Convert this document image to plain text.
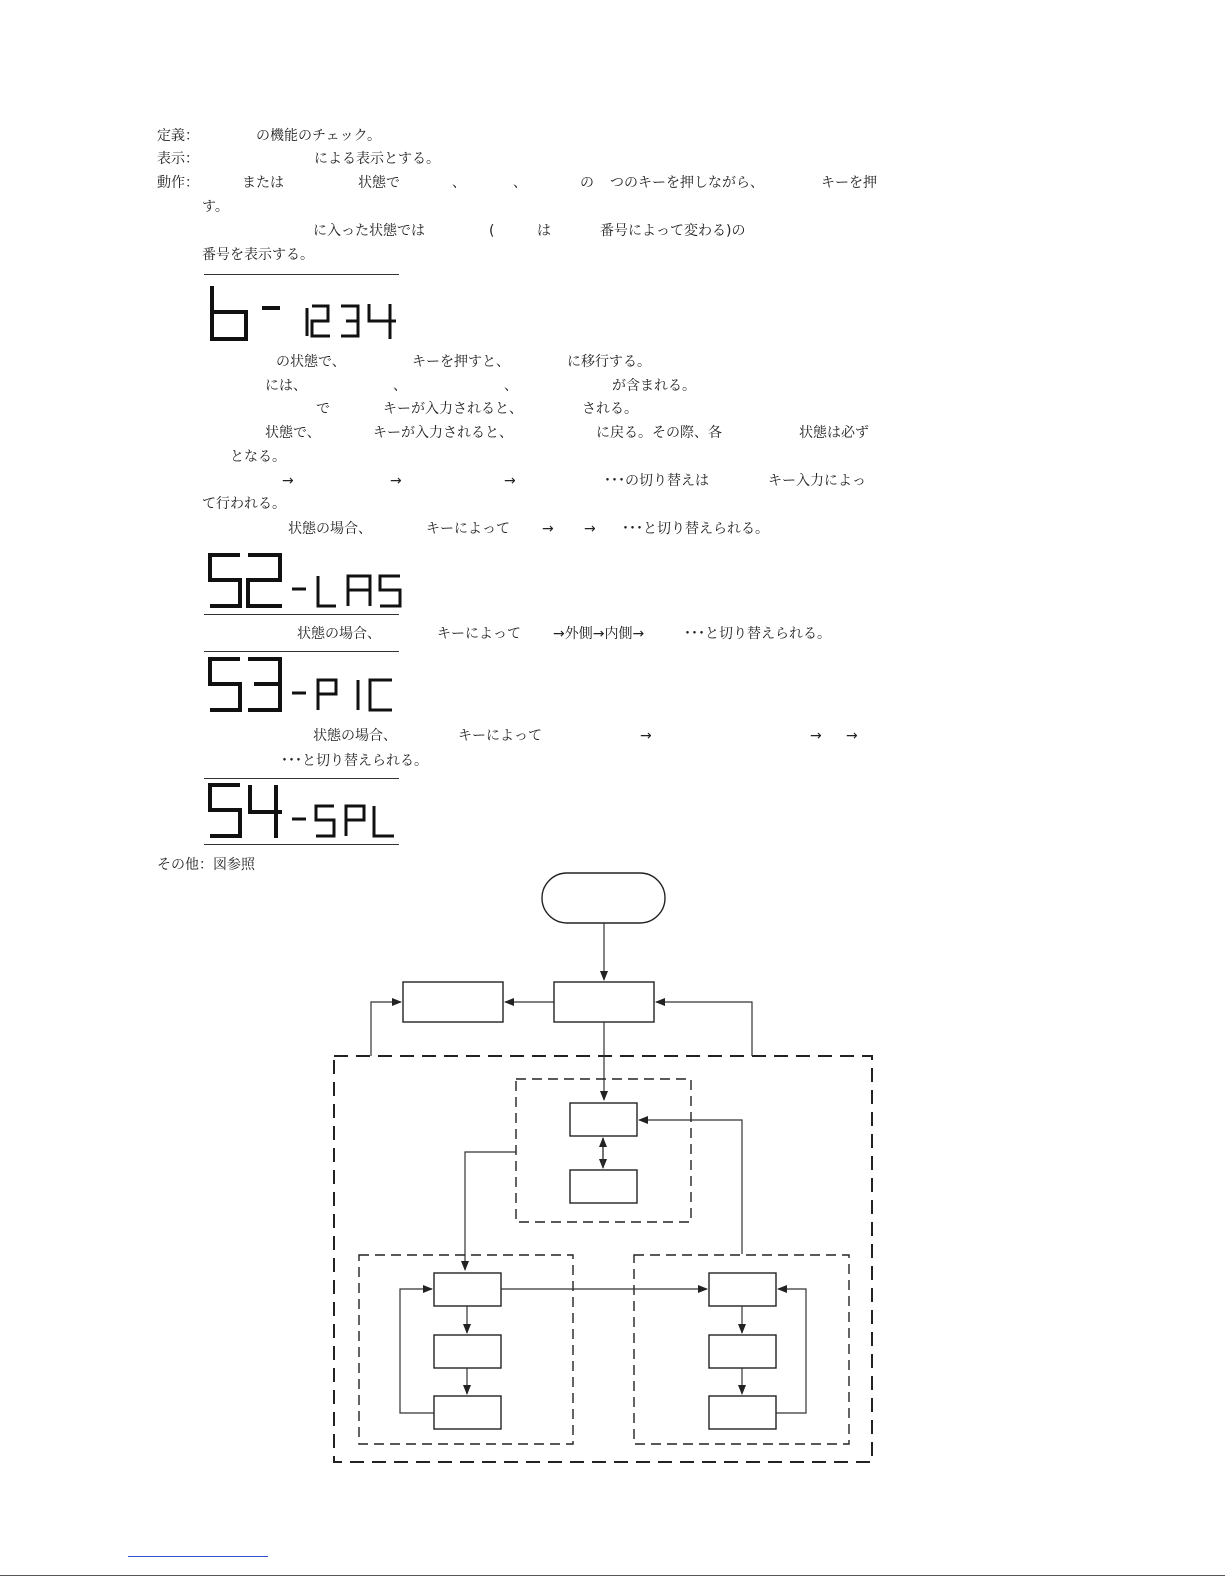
定義：	の機能のチェック。
表示：	による表示とする。
動作：	または	状態で	、	、	の つのキーを押しながら、	キーを押
す。
に入った状態では	(	は	番号によって変わる)の
番号を表示する。
の状態で、	キーを押すと、	に移行する。
には、	、	、	が含まれる。
で	キーが入力されると、	される。
状態で、	キーが入力されると、	に戻る。その際、各	状態は必ず
となる。
→	→	→	･･･の切り替えは	キー入力によっ
て行われる。
状態の場合、	キーによって → → ･･･と切り替えられる。
状態の場合、	キーによって →外側→内側→	･･･と切り替えられる。
状態の場合、	キーによって	→	→ →
･･･と切り替えられる。
その他：図参照
